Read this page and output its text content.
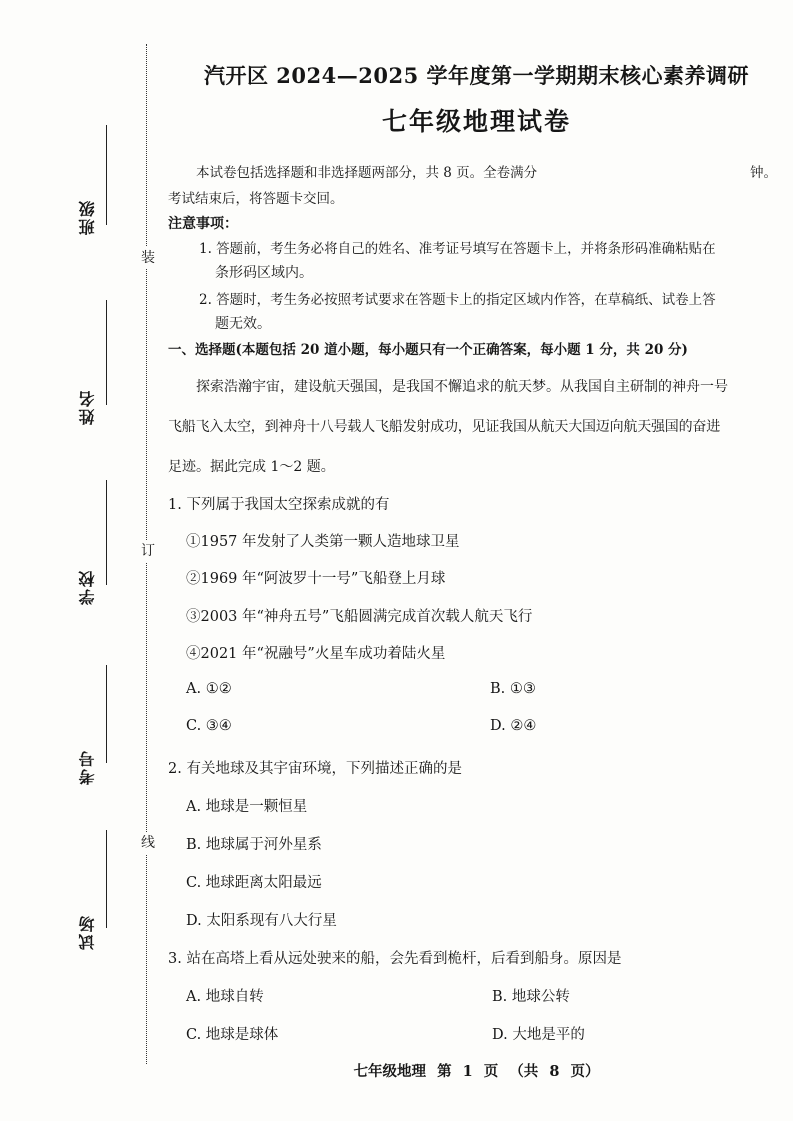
班级
姓名
学校
考号
试场
装
订
线
汽开区 2024—2025 学年度第一学期期末核心素养调研
七年级地理试卷
本试卷包括选择题和非选择题两部分，共 8 页。全卷满分	钟。
考试结束后，将答题卡交回。
注意事项：
1. 答题前，考生务必将自己的姓名、准考证号填写在答题卡上，并将条形码准确粘贴在
条形码区域内。
2. 答题时，考生务必按照考试要求在答题卡上的指定区域内作答，在草稿纸、试卷上答
题无效。
一、选择题(本题包括 20 道小题，每小题只有一个正确答案，每小题 1 分，共 20 分)
探索浩瀚宇宙，建设航天强国，是我国不懈追求的航天梦。从我国自主研制的神舟一号
飞船飞入太空，到神舟十八号载人飞船发射成功，见证我国从航天大国迈向航天强国的奋进
足迹。据此完成 1～2 题。
1. 下列属于我国太空探索成就的有
①1957 年发射了人类第一颗人造地球卫星
②1969 年“阿波罗十一号”飞船登上月球
③2003 年“神舟五号”飞船圆满完成首次载人航天飞行
④2021 年“祝融号”火星车成功着陆火星
A. ①②	B. ①③
C. ③④	D. ②④
2. 有关地球及其宇宙环境，下列描述正确的是
A. 地球是一颗恒星
B. 地球属于河外星系
C. 地球距离太阳最远
D. 太阳系现有八大行星
3. 站在高塔上看从远处驶来的船，会先看到桅杆，后看到船身。原因是
A. 地球自转	B. 地球公转
C. 地球是球体	D. 大地是平的
七年级地理 第 1 页 （共 8 页）
